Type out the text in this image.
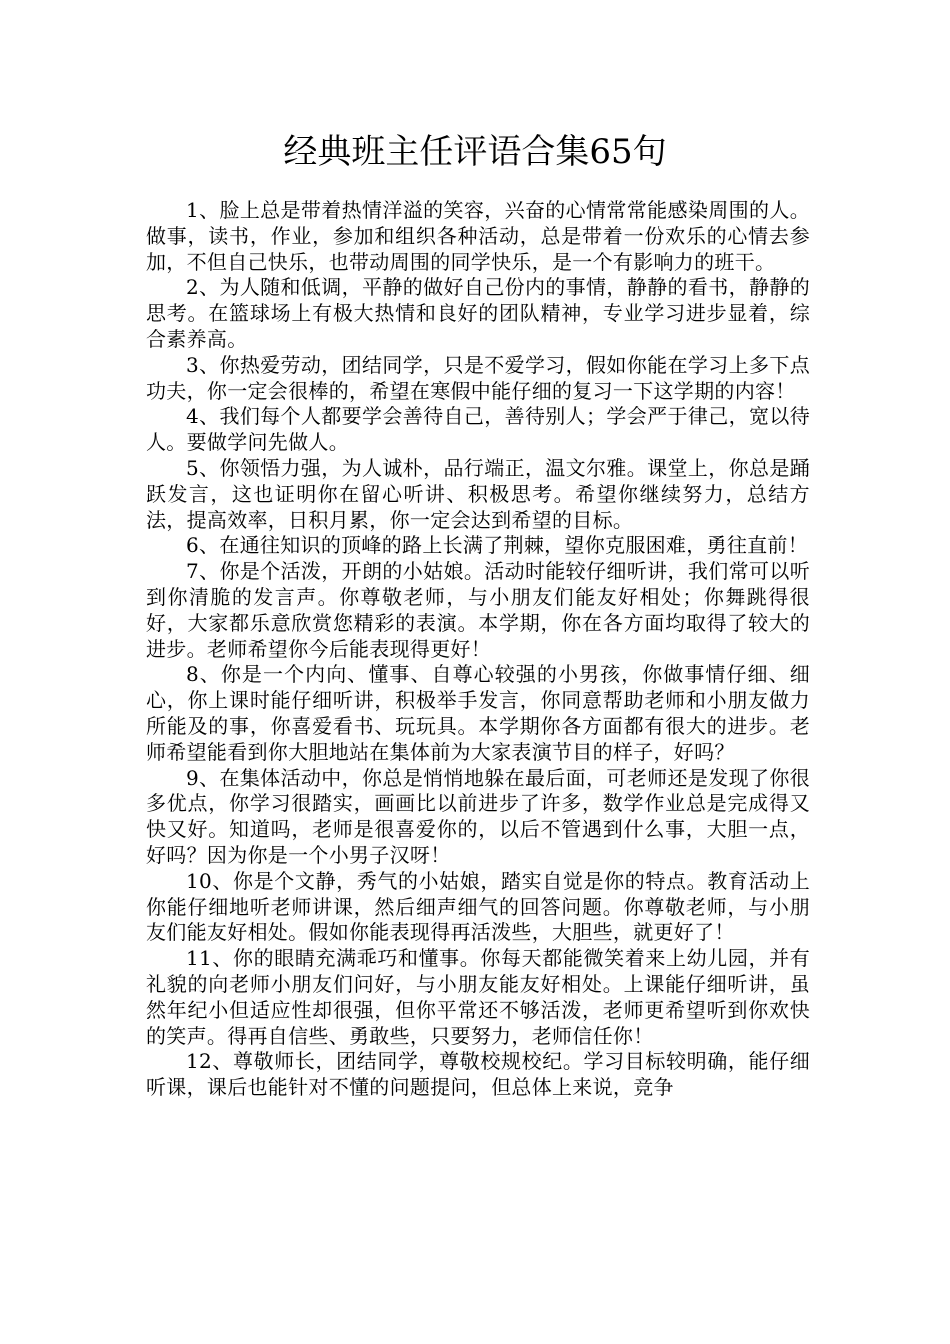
经典班主任评语合集65句

1、脸上总是带着热情洋溢的笑容，兴奋的心情常常能感染周围的人。做事，读书，作业，参加和组织各种活动，总是带着一份欢乐的心情去参加，不但自己快乐，也带动周围的同学快乐，是一个有影响力的班干。

2、为人随和低调，平静的做好自己份内的事情，静静的看书，静静的思考。在篮球场上有极大热情和良好的团队精神，专业学习进步显着，综合素养高。

3、你热爱劳动，团结同学，只是不爱学习，假如你能在学习上多下点功夫，你一定会很棒的，希望在寒假中能仔细的复习一下这学期的内容！

4、我们每个人都要学会善待自己，善待别人；学会严于律己，宽以待人。要做学问先做人。

5、你领悟力强，为人诚朴，品行端正，温文尔雅。课堂上，你总是踊跃发言，这也证明你在留心听讲、积极思考。希望你继续努力，总结方法，提高效率，日积月累，你一定会达到希望的目标。

6、在通往知识的顶峰的路上长满了荆棘，望你克服困难，勇往直前！

7、你是个活泼，开朗的小姑娘。活动时能较仔细听讲，我们常可以听到你清脆的发言声。你尊敬老师，与小朋友们能友好相处；你舞跳得很好，大家都乐意欣赏您精彩的表演。本学期，你在各方面均取得了较大的进步。老师希望你今后能表现得更好！

8、你是一个内向、懂事、自尊心较强的小男孩，你做事情仔细、细心，你上课时能仔细听讲，积极举手发言，你同意帮助老师和小朋友做力所能及的事，你喜爱看书、玩玩具。本学期你各方面都有很大的进步。老师希望能看到你大胆地站在集体前为大家表演节目的样子，好吗？

9、在集体活动中，你总是悄悄地躲在最后面，可老师还是发现了你很多优点，你学习很踏实，画画比以前进步了许多，数学作业总是完成得又快又好。知道吗，老师是很喜爱你的，以后不管遇到什么事，大胆一点，好吗？因为你是一个小男子汉呀！

10、你是个文静，秀气的小姑娘，踏实自觉是你的特点。教育活动上你能仔细地听老师讲课，然后细声细气的回答问题。你尊敬老师，与小朋友们能友好相处。假如你能表现得再活泼些，大胆些，就更好了！

11、你的眼睛充满乖巧和懂事。你每天都能微笑着来上幼儿园，并有礼貌的向老师小朋友们问好，与小朋友能友好相处。上课能仔细听讲，虽然年纪小但适应性却很强，但你平常还不够活泼，老师更希望听到你欢快的笑声。得再自信些、勇敢些，只要努力，老师信任你！

12、尊敬师长，团结同学，尊敬校规校纪。学习目标较明确，能仔细听课，课后也能针对不懂的问题提问，但总体上来说，竞争
